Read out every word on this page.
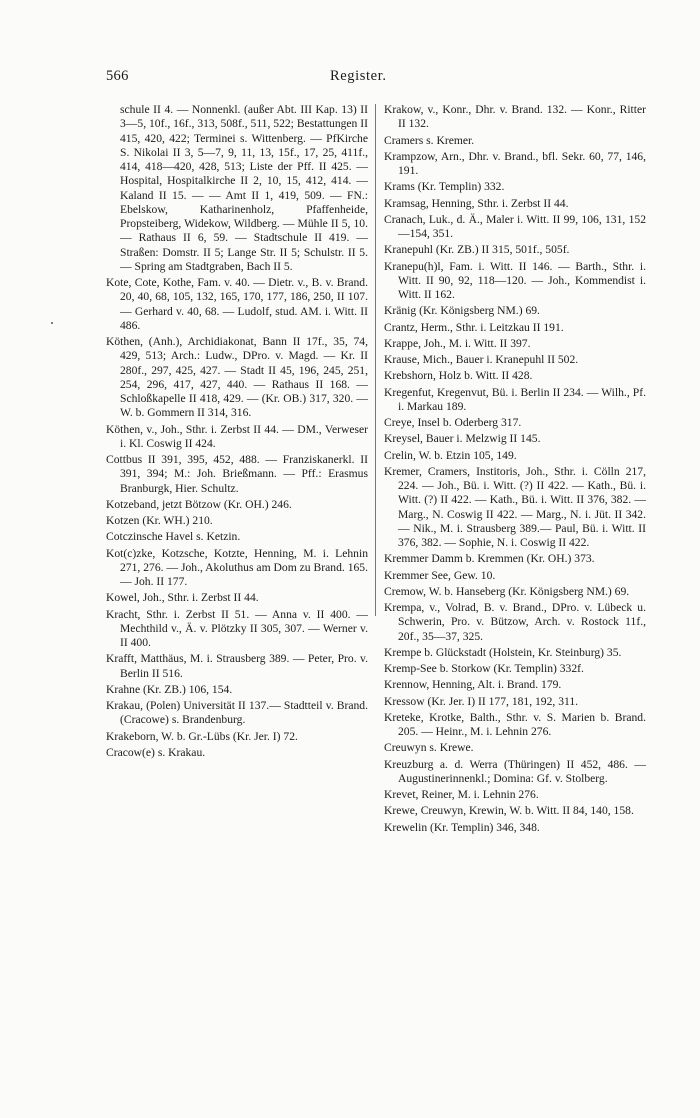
566	Register.

schule II 4. — Nonnenkl. (außer Abt. III Kap. 13) II 3—5, 10f., 16f., 313, 508f., 511, 522; Bestattungen II 415, 420, 422; Terminei s. Wittenberg. — PfKirche S. Nikolai II 3, 5—7, 9, 11, 13, 15f., 17, 25, 411f., 414, 418—420, 428, 513; Liste der Pff. II 425. — Hospital, Hospitalkirche II 2, 10, 15, 412, 414. — Kaland II 15. — — Amt II 1, 419, 509. — FN.: Ebelskow, Katharinenholz, Pfaffenheide, Propsteiberg, Widekow, Wildberg. — Mühle II 5, 10. — Rathaus II 6, 59. — Stadtschule II 419. — Straßen: Domstr. II 5; Lange Str. II 5; Schulstr. II 5. — Spring am Stadtgraben, Bach II 5.

Kote, Cote, Kothe, Fam. v. 40. — Dietr. v., B. v. Brand. 20, 40, 68, 105, 132, 165, 170, 177, 186, 250, II 107. — Gerhard v. 40, 68. — Ludolf, stud. AM. i. Witt. II 486.

Köthen, (Anh.), Archidiakonat, Bann II 17f., 35, 74, 429, 513; Arch.: Ludw., DPro. v. Magd. — Kr. II 280f., 297, 425, 427. — Stadt II 45, 196, 245, 251, 254, 296, 417, 427, 440. — Rathaus II 168. — Schloßkapelle II 418, 429. — (Kr. OB.) 317, 320. — W. b. Gommern II 314, 316.

Köthen, v., Joh., Sthr. i. Zerbst II 44. — DM., Verweser i. Kl. Coswig II 424.

Cottbus II 391, 395, 452, 488. — Franziskanerkl. II 391, 394; M.: Joh. Brießmann. — Pff.: Erasmus Branburgk, Hier. Schultz.

Kotzeband, jetzt Bötzow (Kr. OH.) 246.

Kotzen (Kr. WH.) 210.

Cotczinsche Havel s. Ketzin.

Kot(c)zke, Kotzsche, Kotzte, Henning, M. i. Lehnin 271, 276. — Joh., Akoluthus am Dom zu Brand. 165. — Joh. II 177.

Kowel, Joh., Sthr. i. Zerbst II 44.

Kracht, Sthr. i. Zerbst II 51. — Anna v. II 400. — Mechthild v., Ä. v. Plötzky II 305, 307. — Werner v. II 400.

Krafft, Matthäus, M. i. Strausberg 389. — Peter, Pro. v. Berlin II 516.

Krahne (Kr. ZB.) 106, 154.

Krakau, (Polen) Universität II 137.— Stadtteil v. Brand. (Cracowe) s. Brandenburg.

Krakeborn, W. b. Gr.-Lübs (Kr. Jer. I) 72.

Cracow(e) s. Krakau.

Krakow, v., Konr., Dhr. v. Brand. 132. — Konr., Ritter II 132.

Cramers s. Kremer.

Krampzow, Arn., Dhr. v. Brand., bfl. Sekr. 60, 77, 146, 191.

Krams (Kr. Templin) 332.

Kramsag, Henning, Sthr. i. Zerbst II 44.

Cranach, Luk., d. Ä., Maler i. Witt. II 99, 106, 131, 152—154, 351.

Kranepuhl (Kr. ZB.) II 315, 501f., 505f.

Kranepu(h)l, Fam. i. Witt. II 146. — Barth., Sthr. i. Witt. II 90, 92, 118—120. — Joh., Kommendist i. Witt. II 162.

Kränig (Kr. Königsberg NM.) 69.

Crantz, Herm., Sthr. i. Leitzkau II 191.

Krappe, Joh., M. i. Witt. II 397.

Krause, Mich., Bauer i. Kranepuhl II 502.

Krebshorn, Holz b. Witt. II 428.

Kregenfut, Kregenvut, Bü. i. Berlin II 234. — Wilh., Pf. i. Markau 189.

Creye, Insel b. Oderberg 317.

Kreysel, Bauer i. Melzwig II 145.

Crelin, W. b. Etzin 105, 149.

Kremer, Cramers, Institoris, Joh., Sthr. i. Cölln 217, 224. — Joh., Bü. i. Witt. (?) II 422. — Kath., Bü. i. Witt. (?) II 422. — Kath., Bü. i. Witt. II 376, 382. — Marg., N. Coswig II 422. — Marg., N. i. Jüt. II 342. — Nik., M. i. Strausberg 389.— Paul, Bü. i. Witt. II 376, 382. — Sophie, N. i. Coswig II 422.

Kremmer Damm b. Kremmen (Kr. OH.) 373.

Kremmer See, Gew. 10.

Cremow, W. b. Hanseberg (Kr. Königsberg NM.) 69.

Krempa, v., Volrad, B. v. Brand., DPro. v. Lübeck u. Schwerin, Pro. v. Bützow, Arch. v. Rostock 11f., 20f., 35—37, 325.

Krempe b. Glückstadt (Holstein, Kr. Steinburg) 35.

Kremp-See b. Storkow (Kr. Templin) 332f.

Krennow, Henning, Alt. i. Brand. 179.

Kressow (Kr. Jer. I) II 177, 181, 192, 311.

Kreteke, Krotke, Balth., Sthr. v. S. Marien b. Brand. 205. — Heinr., M. i. Lehnin 276.

Creuwyn s. Krewe.

Kreuzburg a. d. Werra (Thüringen) II 452, 486. — Augustinerinnenkl.; Domina: Gf. v. Stolberg.

Krevet, Reiner, M. i. Lehnin 276.

Krewe, Creuwyn, Krewin, W. b. Witt. II 84, 140, 158.

Krewelin (Kr. Templin) 346, 348.
